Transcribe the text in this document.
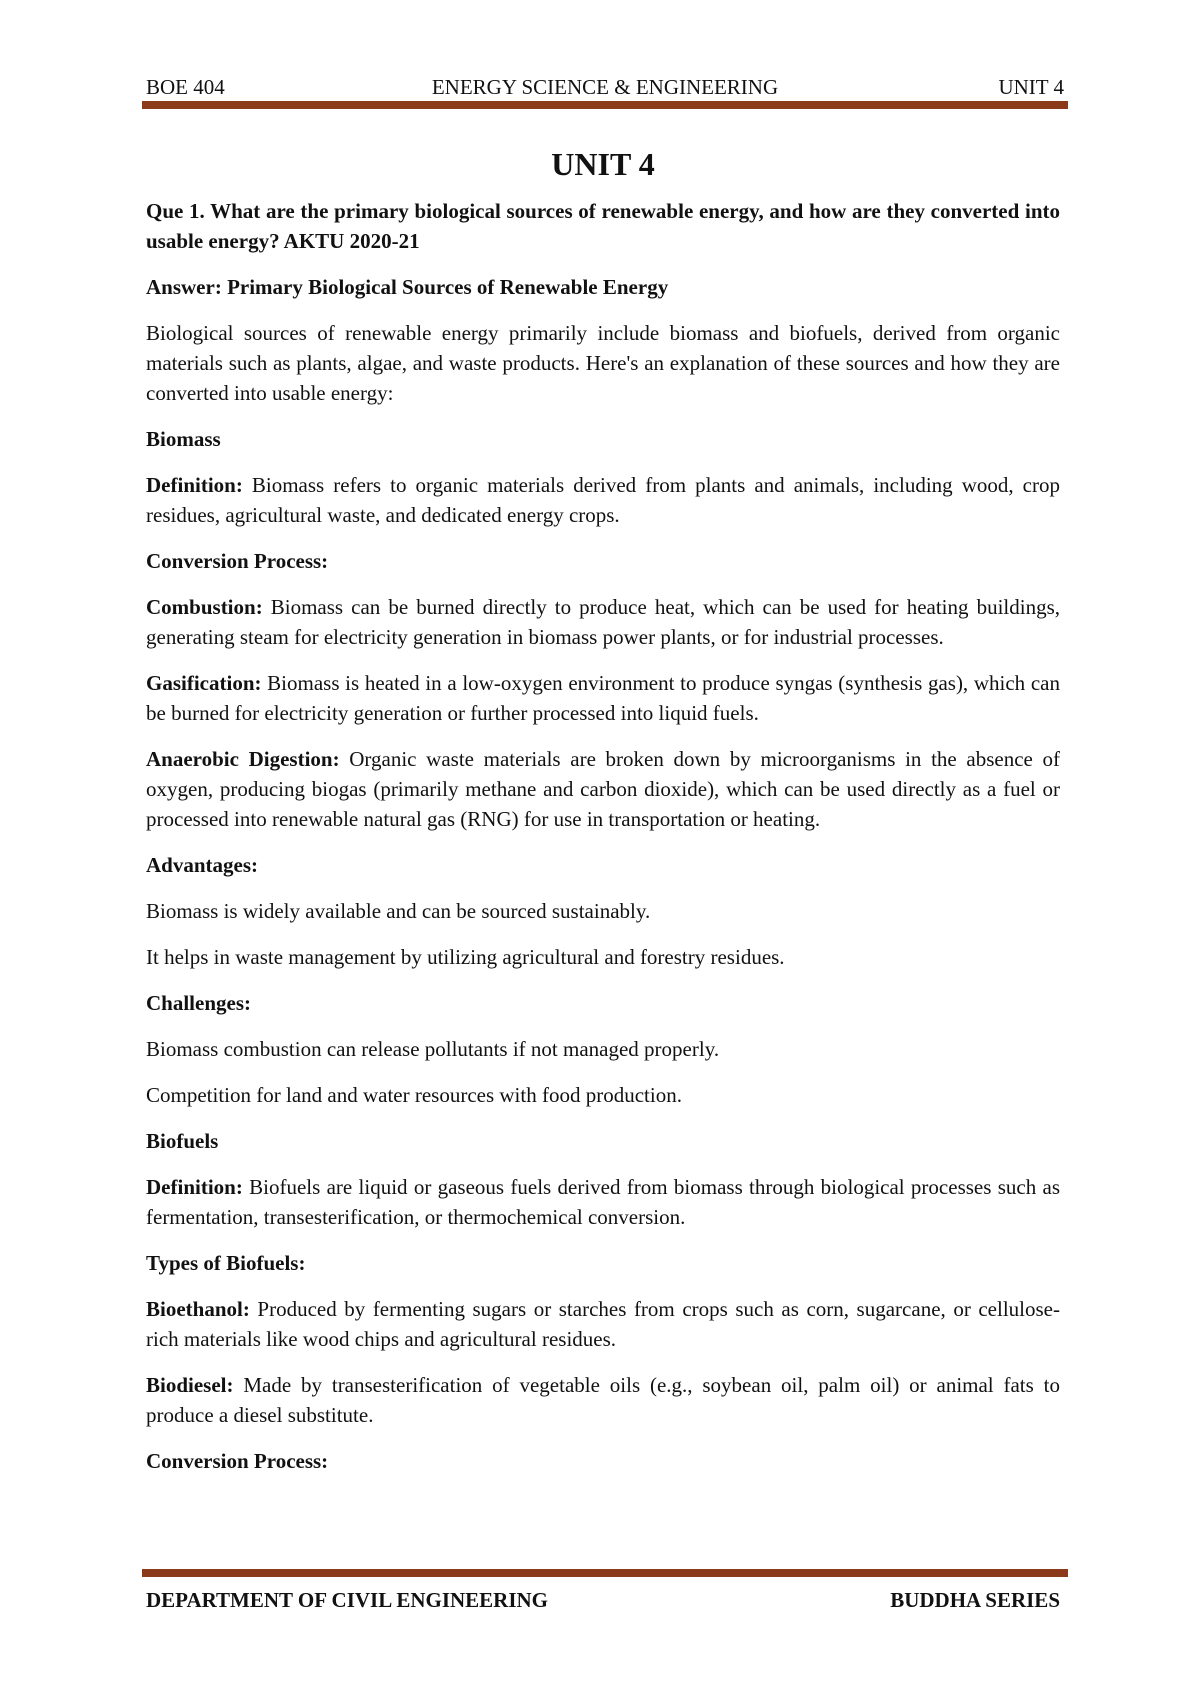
BOE 404	ENERGY SCIENCE & ENGINEERING	UNIT 4
UNIT 4

Que 1. What are the primary biological sources of renewable energy, and how are they converted into usable energy? AKTU 2020-21

Answer: Primary Biological Sources of Renewable Energy

Biological sources of renewable energy primarily include biomass and biofuels, derived from organic materials such as plants, algae, and waste products. Here's an explanation of these sources and how they are converted into usable energy:

Biomass

Definition: Biomass refers to organic materials derived from plants and animals, including wood, crop residues, agricultural waste, and dedicated energy crops.

Conversion Process:

Combustion: Biomass can be burned directly to produce heat, which can be used for heating buildings, generating steam for electricity generation in biomass power plants, or for industrial processes.

Gasification: Biomass is heated in a low-oxygen environment to produce syngas (synthesis gas), which can be burned for electricity generation or further processed into liquid fuels.

Anaerobic Digestion: Organic waste materials are broken down by microorganisms in the absence of oxygen, producing biogas (primarily methane and carbon dioxide), which can be used directly as a fuel or processed into renewable natural gas (RNG) for use in transportation or heating.

Advantages:

Biomass is widely available and can be sourced sustainably.

It helps in waste management by utilizing agricultural and forestry residues.

Challenges:

Biomass combustion can release pollutants if not managed properly.

Competition for land and water resources with food production.

Biofuels

Definition: Biofuels are liquid or gaseous fuels derived from biomass through biological processes such as fermentation, transesterification, or thermochemical conversion.

Types of Biofuels:

Bioethanol: Produced by fermenting sugars or starches from crops such as corn, sugarcane, or cellulose-rich materials like wood chips and agricultural residues.

Biodiesel: Made by transesterification of vegetable oils (e.g., soybean oil, palm oil) or animal fats to produce a diesel substitute.

Conversion Process:

DEPARTMENT OF CIVIL ENGINEERING	BUDDHA SERIES
